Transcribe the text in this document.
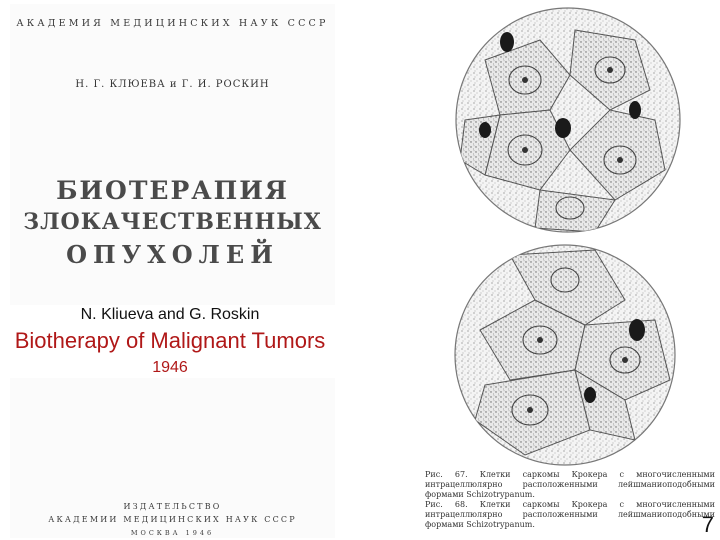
АКАДЕМИЯ МЕДИЦИНСКИХ НАУК СССР
Н. Г. КЛЮЕВА и Г. И. РОСКИН
БИОТЕРАПИЯ
ЗЛОКАЧЕСТВЕННЫХ
ОПУХОЛЕЙ
ИЗДАТЕЛЬСТВО
АКАДЕМИИ МЕДИЦИНСКИХ НАУК СССР
МОСКВА 1946
N. Klіueva and G. Roskin
Biotherapy of Malignant Tumors
1946
Рис. 67. Клетки саркомы Крокера с многочисленными интрацеллюлярно расположенными лейшманиоподобными формами Schizotrypanum.
Рис. 68. Клетки саркомы Крокера с многочисленными интрацеллюлярно расположенными лейшманиоподобными формами Schizotrypanum.	7
